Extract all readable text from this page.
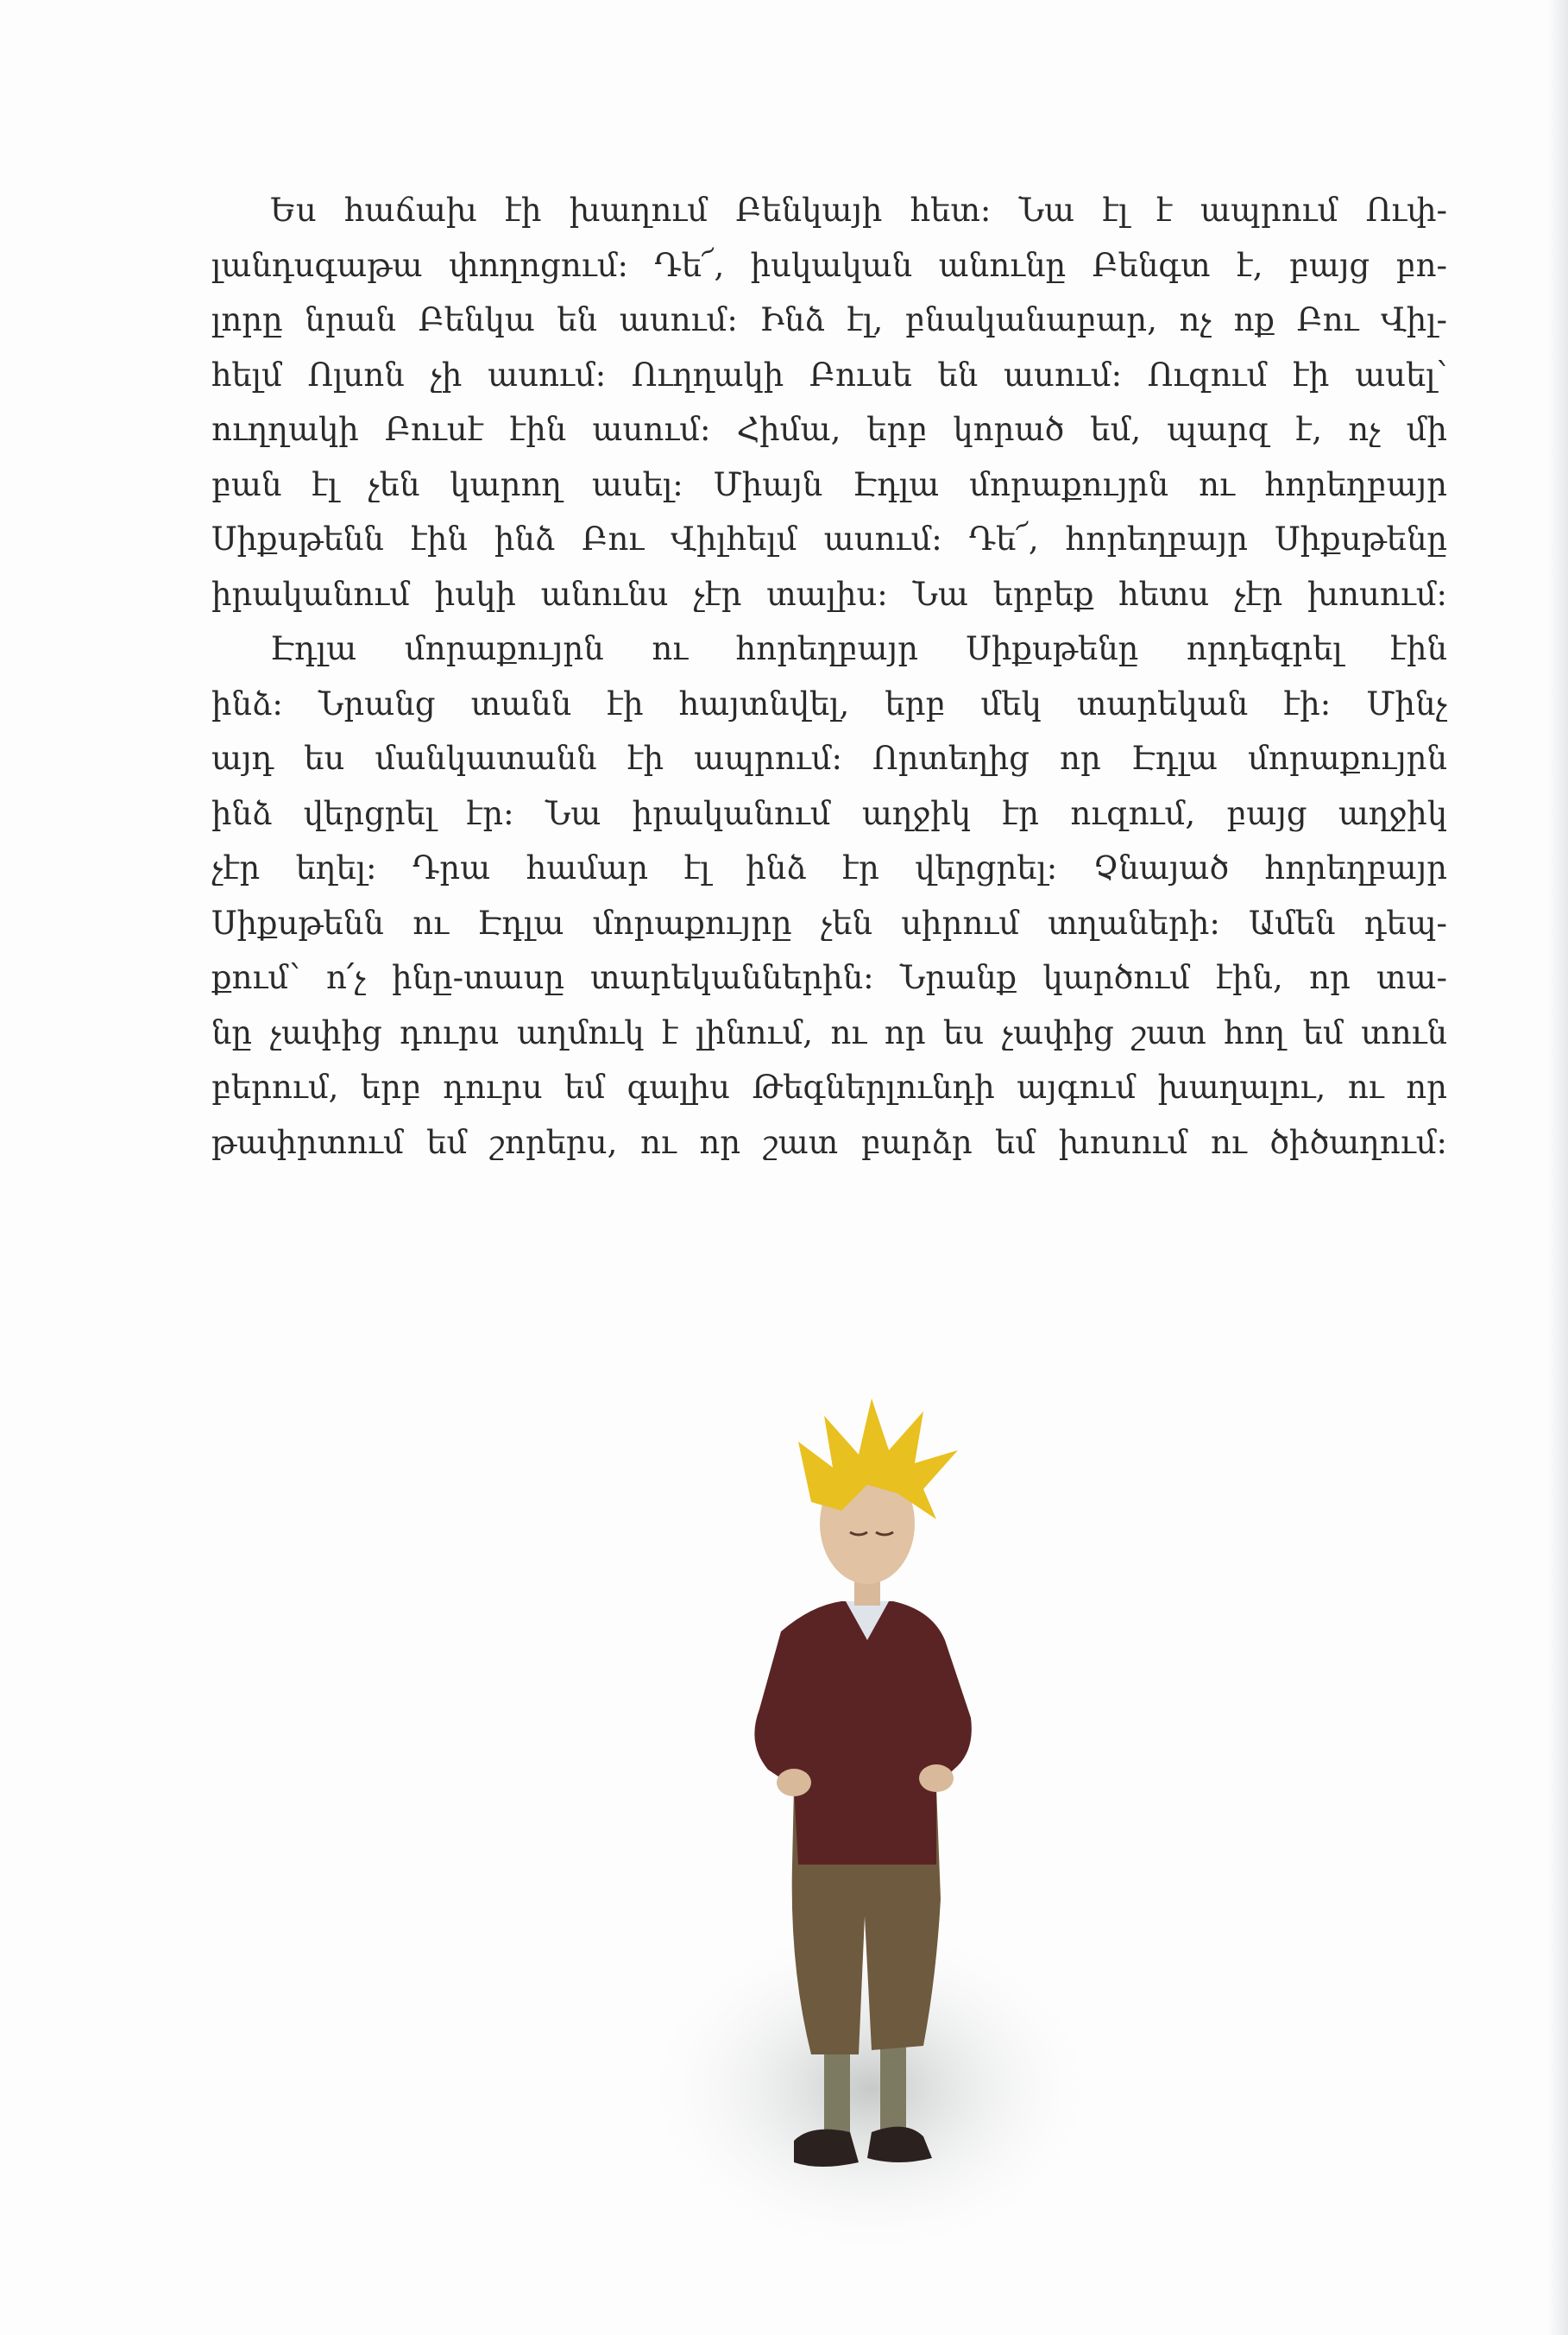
Ես հաճախ էի խաղում Բենկայի հետ: Նա էլ է ապրում Ուփ-
լանդսգաթա փողոցում: Դե՜, իսկական անունը Բենգտ է, բայց բո-
լորը նրան Բենկա են ասում: Ինձ էլ, բնականաբար, ոչ ոք Բու Վիլ-
հելմ Ոլսոն չի ասում: Ուղղակի Բուսե են ասում: Ուզում էի ասել՝
ուղղակի Բուսէ էին ասում: Հիմա, երբ կորած եմ, պարզ է, ոչ մի
բան էլ չեն կարող ասել: Միայն Էդլա մորաքույրն ու հորեղբայր
Սիքսթենն էին ինձ Բու Վիլհելմ ասում: Դե՜, հորեղբայր Սիքսթենը
իրականում իսկի անունս չէր տալիս: Նա երբեք հետս չէր խոսում:
Էդլա մորաքույրն ու հորեղբայր Սիքսթենը որդեգրել էին
ինձ: Նրանց տանն էի հայտնվել, երբ մեկ տարեկան էի: Մինչ
այդ ես մանկատանն էի ապրում: Որտեղից որ Էդլա մորաքույրն
ինձ վերցրել էր: Նա իրականում աղջիկ էր ուզում, բայց աղջիկ
չէր եղել: Դրա համար էլ ինձ էր վերցրել: Չնայած հորեղբայր
Սիքսթենն ու Էդլա մորաքույրը չեն սիրում տղաների: Ամեն դեպ-
քում՝ ո՛չ ինը-տասը տարեկաններին: Նրանք կարծում էին, որ տա-
նը չափից դուրս աղմուկ է լինում, ու որ ես չափից շատ հող եմ տուն
բերում, երբ դուրս եմ գալիս Թեգներլունդի այգում խաղալու, ու որ
թափրտում եմ շորերս, ու որ շատ բարձր եմ խոսում ու ծիծաղում:
